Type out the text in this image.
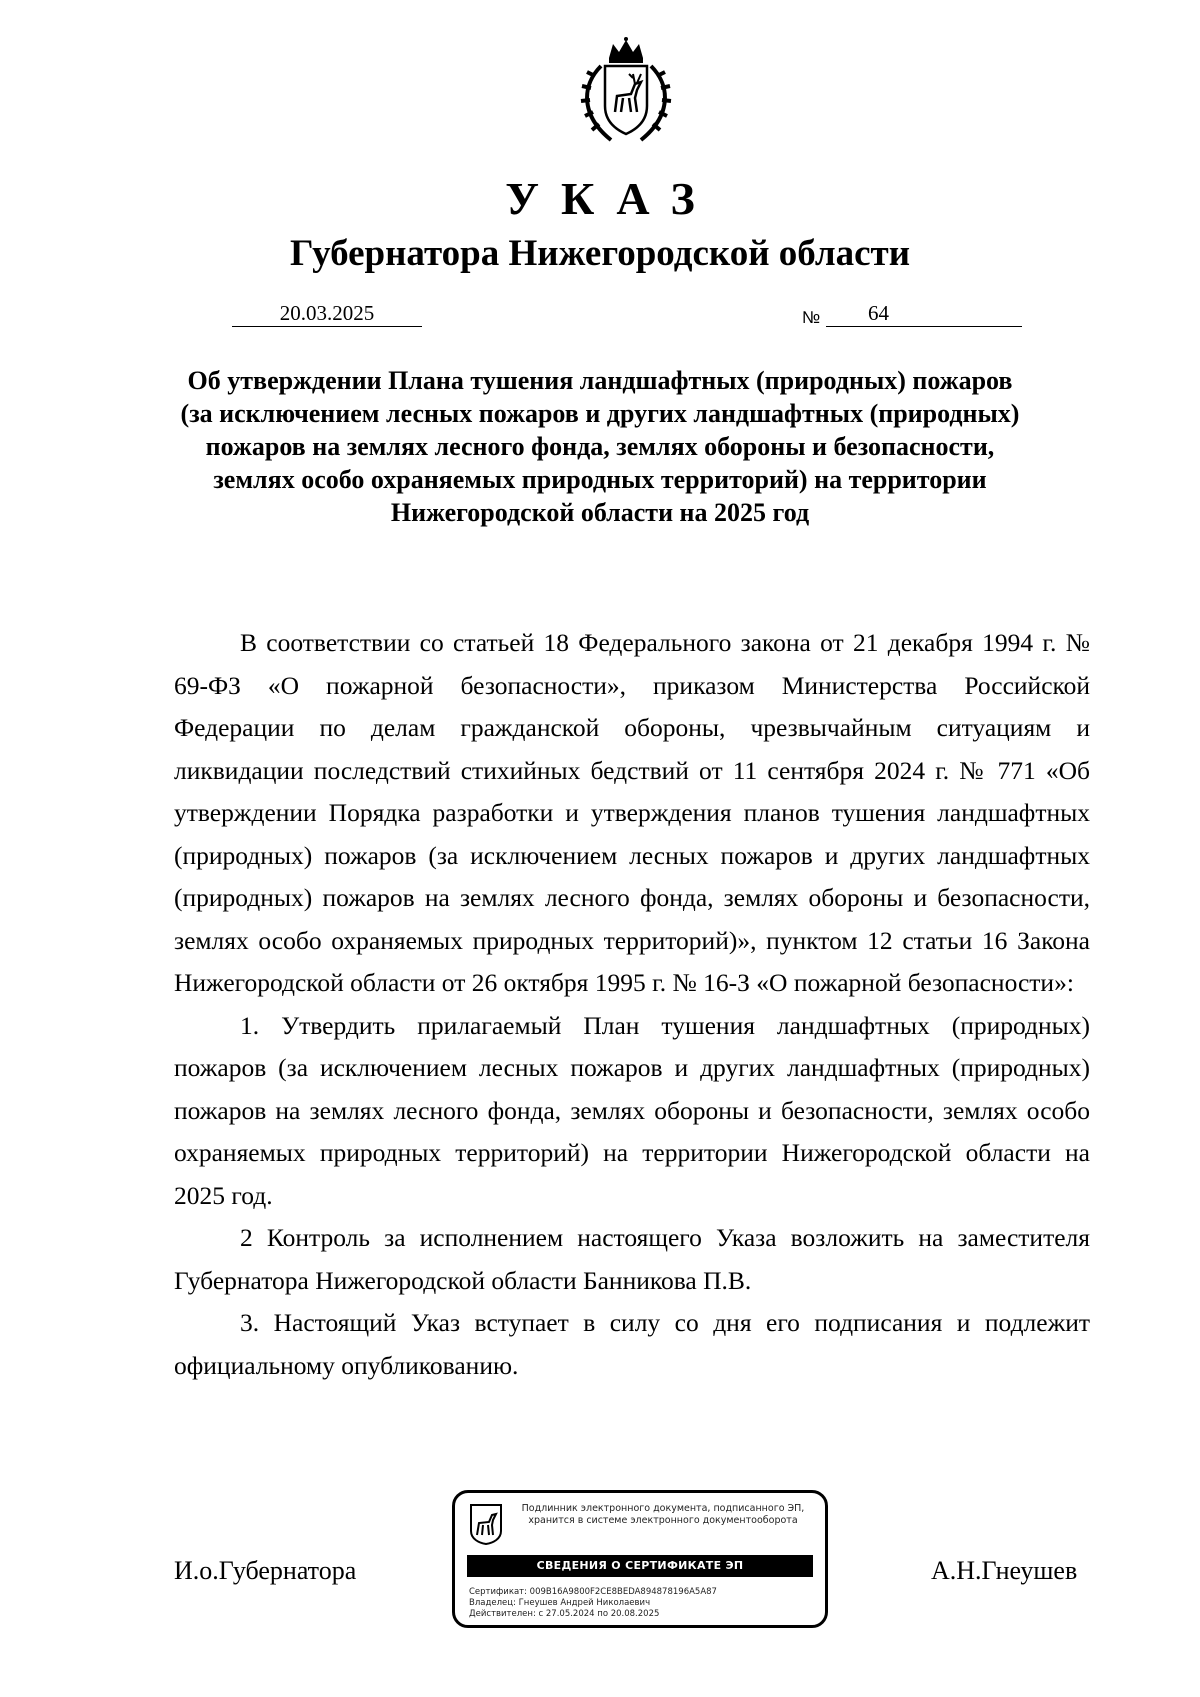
УКАЗ
Губернатора Нижегородской области
20.03.2025	№	64
Об утверждении Плана тушения ландшафтных (природных) пожаров (за исключением лесных пожаров и других ландшафтных (природных) пожаров на землях лесного фонда, землях обороны и безопасности, землях особо охраняемых природных территорий) на территории Нижегородской области на 2025 год

В соответствии со статьей 18 Федерального закона от 21 декабря 1994 г. № 69-ФЗ «О пожарной безопасности», приказом Министерства Российской Федерации по делам гражданской обороны, чрезвычайным ситуациям и ликвидации последствий стихийных бедствий от 11 сентября 2024 г. № 771 «Об утверждении Порядка разработки и утверждения планов тушения ландшафтных (природных) пожаров (за исключением лесных пожаров и других ландшафтных (природных) пожаров на землях лесного фонда, землях обороны и безопасности, землях особо охраняемых природных территорий)», пунктом 12 статьи 16 Закона Нижегородской области от 26 октября 1995 г. № 16-З «О пожарной безопасности»:

1. Утвердить прилагаемый План тушения ландшафтных (природных) пожаров (за исключением лесных пожаров и других ландшафтных (природных) пожаров на землях лесного фонда, землях обороны и безопасности, землях особо охраняемых природных территорий) на территории Нижегородской области на 2025 год.

2 Контроль за исполнением настоящего Указа возложить на заместителя Губернатора Нижегородской области Банникова П.В.

3. Настоящий Указ вступает в силу со дня его подписания и подлежит официальному опубликованию.

И.о.Губернатора	А.Н.Гнеушев
Подлинник электронного документа, подписанного ЭП,
хранится в системе электронного документооборота
СВЕДЕНИЯ О СЕРТИФИКАТЕ ЭП
Сертификат: 009B16A9800F2CE8BEDA894878196A5A87
Владелец: Гнеушев Андрей Николаевич
Действителен: с 27.05.2024 по 20.08.2025
